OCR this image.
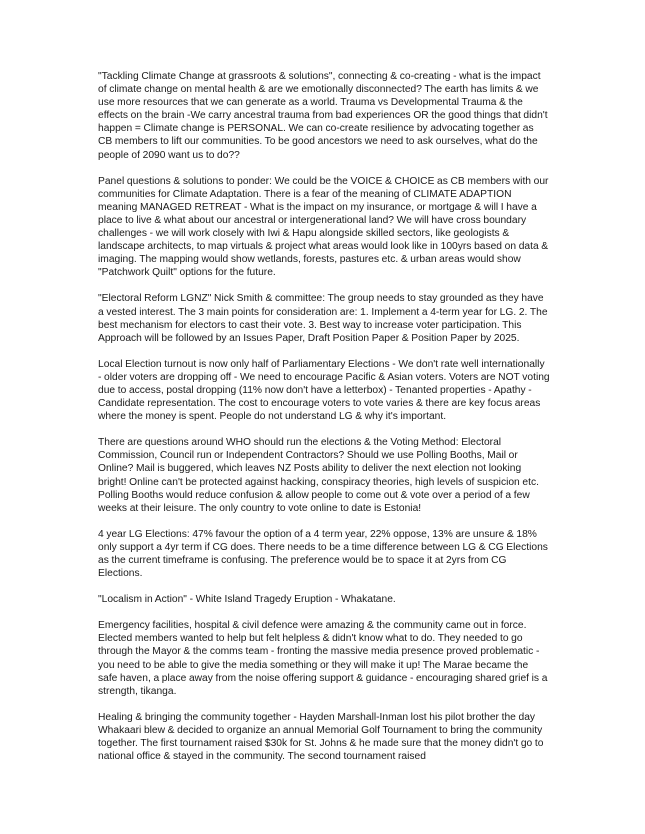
"Tackling Climate Change at grassroots & solutions", connecting & co-creating - what is the impact of climate change on mental health & are we emotionally disconnected? The earth has limits & we use more resources that we can generate as a world. Trauma vs Developmental Trauma & the effects on the brain -We carry ancestral trauma from bad experiences OR the good things that didn't happen = Climate change is PERSONAL. We can co-create resilience by advocating together as CB members to lift our communities. To be good ancestors we need to ask ourselves, what do the people of 2090 want us to do??

Panel questions & solutions to ponder: We could be the VOICE & CHOICE as CB members with our communities for Climate Adaptation. There is a fear of the meaning of CLIMATE ADAPTION meaning MANAGED RETREAT - What is the impact on my insurance, or mortgage & will I have a place to live & what about our ancestral or intergenerational land? We will have cross boundary challenges - we will work closely with Iwi & Hapu alongside skilled sectors, like geologists & landscape architects, to map virtuals & project what areas would look like in 100yrs based on data & imaging. The mapping would show wetlands, forests, pastures etc. & urban areas would show "Patchwork Quilt" options for the future.

"Electoral Reform LGNZ" Nick Smith & committee: The group needs to stay grounded as they have a vested interest. The 3 main points for consideration are: 1. Implement a 4-term year for LG. 2. The best mechanism for electors to cast their vote. 3. Best way to increase voter participation. This Approach will be followed by an Issues Paper, Draft Position Paper & Position Paper by 2025.

Local Election turnout is now only half of Parliamentary Elections - We don't rate well internationally - older voters are dropping off - We need to encourage Pacific & Asian voters. Voters are NOT voting due to access, postal dropping (11% now don't have a letterbox) - Tenanted properties - Apathy - Candidate representation. The cost to encourage voters to vote varies & there are key focus areas where the money is spent. People do not understand LG & why it's important.

There are questions around WHO should run the elections & the Voting Method: Electoral Commission, Council run or Independent Contractors? Should we use Polling Booths, Mail or Online? Mail is buggered, which leaves NZ Posts ability to deliver the next election not looking bright! Online can't be protected against hacking, conspiracy theories, high levels of suspicion etc. Polling Booths would reduce confusion & allow people to come out & vote over a period of a few weeks at their leisure. The only country to vote online to date is Estonia!

4 year LG Elections: 47% favour the option of a 4 term year, 22% oppose, 13% are unsure & 18% only support a 4yr term if CG does. There needs to be a time difference between LG & CG Elections as the current timeframe is confusing. The preference would be to space it at 2yrs from CG Elections.

"Localism in Action" - White Island Tragedy Eruption - Whakatane.

Emergency facilities, hospital & civil defence were amazing & the community came out in force. Elected members wanted to help but felt helpless & didn't know what to do. They needed to go through the Mayor & the comms team - fronting the massive media presence proved problematic - you need to be able to give the media something or they will make it up! The Marae became the safe haven, a place away from the noise offering support & guidance - encouraging shared grief is a strength, tikanga.

Healing & bringing the community together - Hayden Marshall-Inman lost his pilot brother the day Whakaari blew & decided to organize an annual Memorial Golf Tournament to bring the community together. The first tournament raised $30k for St. Johns & he made sure that the money didn't go to national office & stayed in the community. The second tournament raised
